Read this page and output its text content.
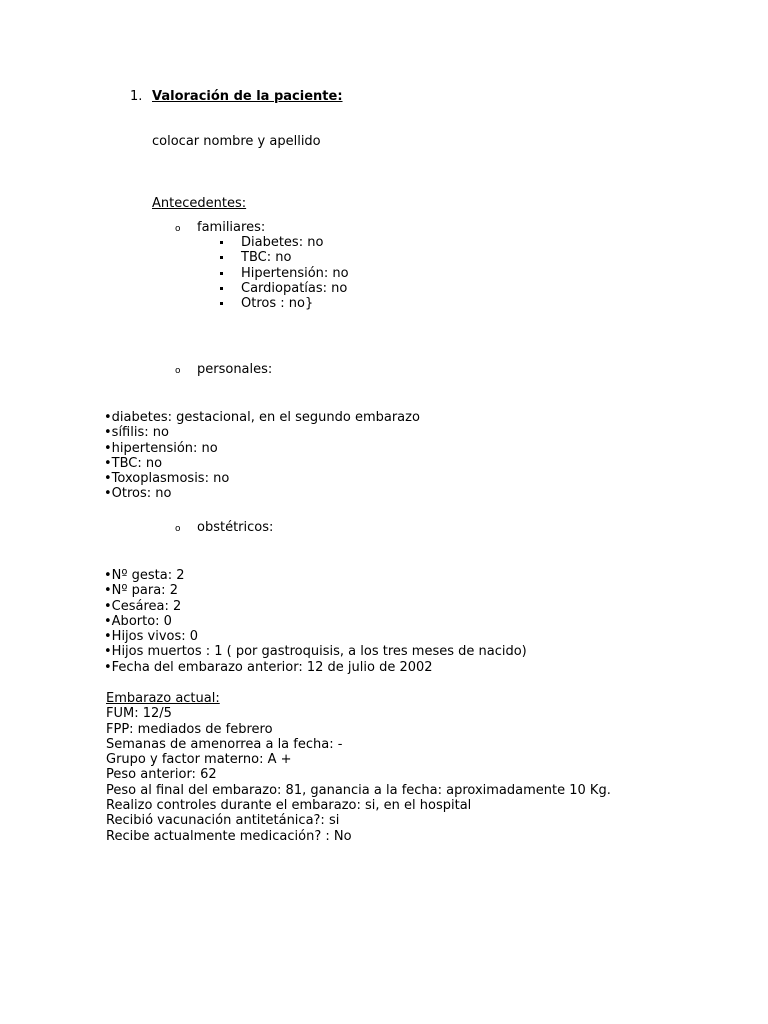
1. Valoración de la paciente:
colocar nombre y apellido
Antecedentes:
o familiares:
Diabetes: no
TBC: no
Hipertensión: no
Cardiopatías: no
Otros : no}
o personales:
•diabetes: gestacional, en el segundo embarazo
•sífilis: no
•hipertensión: no
•TBC: no
•Toxoplasmosis: no
•Otros: no
o obstétricos:
•Nº gesta: 2
•Nº para: 2
•Cesárea: 2
•Aborto: 0
•Hijos vivos: 0
•Hijos muertos : 1 ( por gastroquisis, a los tres meses de nacido)
•Fecha del embarazo anterior: 12 de julio de 2002
Embarazo actual:
FUM: 12/5
FPP: mediados de febrero
Semanas de amenorrea a la fecha: -
Grupo y factor materno: A +
Peso anterior: 62
Peso al final del embarazo: 81, ganancia a la fecha: aproximadamente 10 Kg.
Realizo controles durante el embarazo: si, en el hospital
Recibió vacunación antitetánica?: si
Recibe actualmente medicación? : No
